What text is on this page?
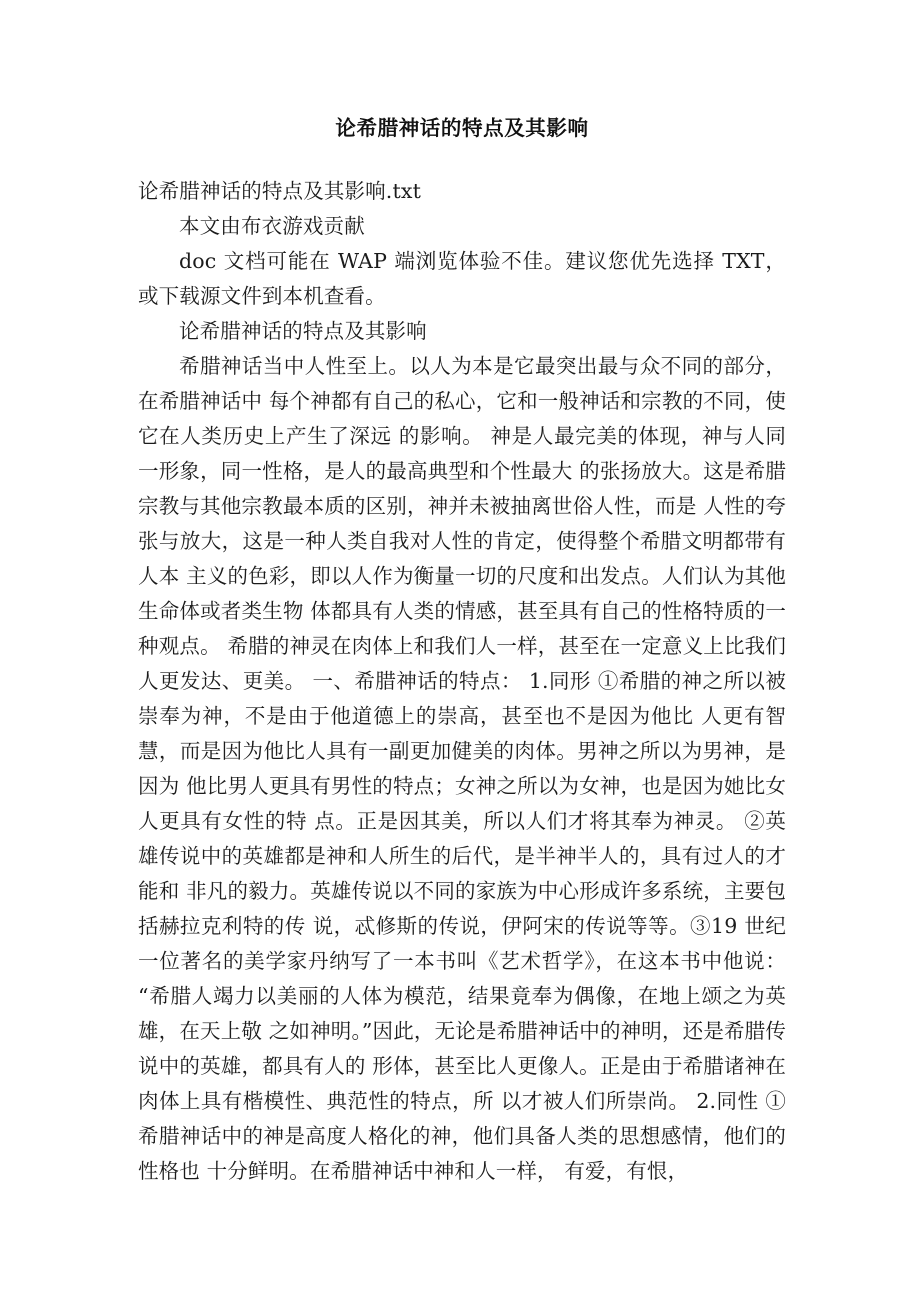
论希腊神话的特点及其影响

论希腊神话的特点及其影响.txt

本文由布衣游戏贡献

doc 文档可能在 WAP 端浏览体验不佳。建议您优先选择 TXT，或下载源文件到本机查看。

论希腊神话的特点及其影响

希腊神话当中人性至上。以人为本是它最突出最与众不同的部分，在希腊神话中 每个神都有自己的私心，它和一般神话和宗教的不同，使它在人类历史上产生了深远 的影响。 神是人最完美的体现，神与人同一形象，同一性格，是人的最高典型和个性最大 的张扬放大。这是希腊宗教与其他宗教最本质的区别，神并未被抽离世俗人性，而是 人性的夸张与放大，这是一种人类自我对人性的肯定，使得整个希腊文明都带有人本 主义的色彩，即以人作为衡量一切的尺度和出发点。人们认为其他生命体或者类生物 体都具有人类的情感，甚至具有自己的性格特质的一种观点。 希腊的神灵在肉体上和我们人一样，甚至在一定意义上比我们人更发达、更美。 一、希腊神话的特点： 1.同形 ①希腊的神之所以被崇奉为神，不是由于他道德上的崇高，甚至也不是因为他比 人更有智慧，而是因为他比人具有一副更加健美的肉体。男神之所以为男神，是因为 他比男人更具有男性的特点；女神之所以为女神，也是因为她比女人更具有女性的特 点。正是因其美，所以人们才将其奉为神灵。 ②英雄传说中的英雄都是神和人所生的后代，是半神半人的，具有过人的才能和 非凡的毅力。英雄传说以不同的家族为中心形成许多系统，主要包括赫拉克利特的传 说，忒修斯的传说，伊阿宋的传说等等。③19 世纪一位著名的美学家丹纳写了一本书叫《艺术哲学》，在这本书中他说： “希腊人竭力以美丽的人体为模范，结果竟奉为偶像，在地上颂之为英雄，在天上敬 之如神明。”因此，无论是希腊神话中的神明，还是希腊传说中的英雄，都具有人的 形体，甚至比人更像人。正是由于希腊诸神在肉体上具有楷模性、典范性的特点，所 以才被人们所崇尚。 2.同性 ①希腊神话中的神是高度人格化的神，他们具备人类的思想感情，他们的性格也 十分鲜明。在希腊神话中神和人一样， 有爱，有恨，
